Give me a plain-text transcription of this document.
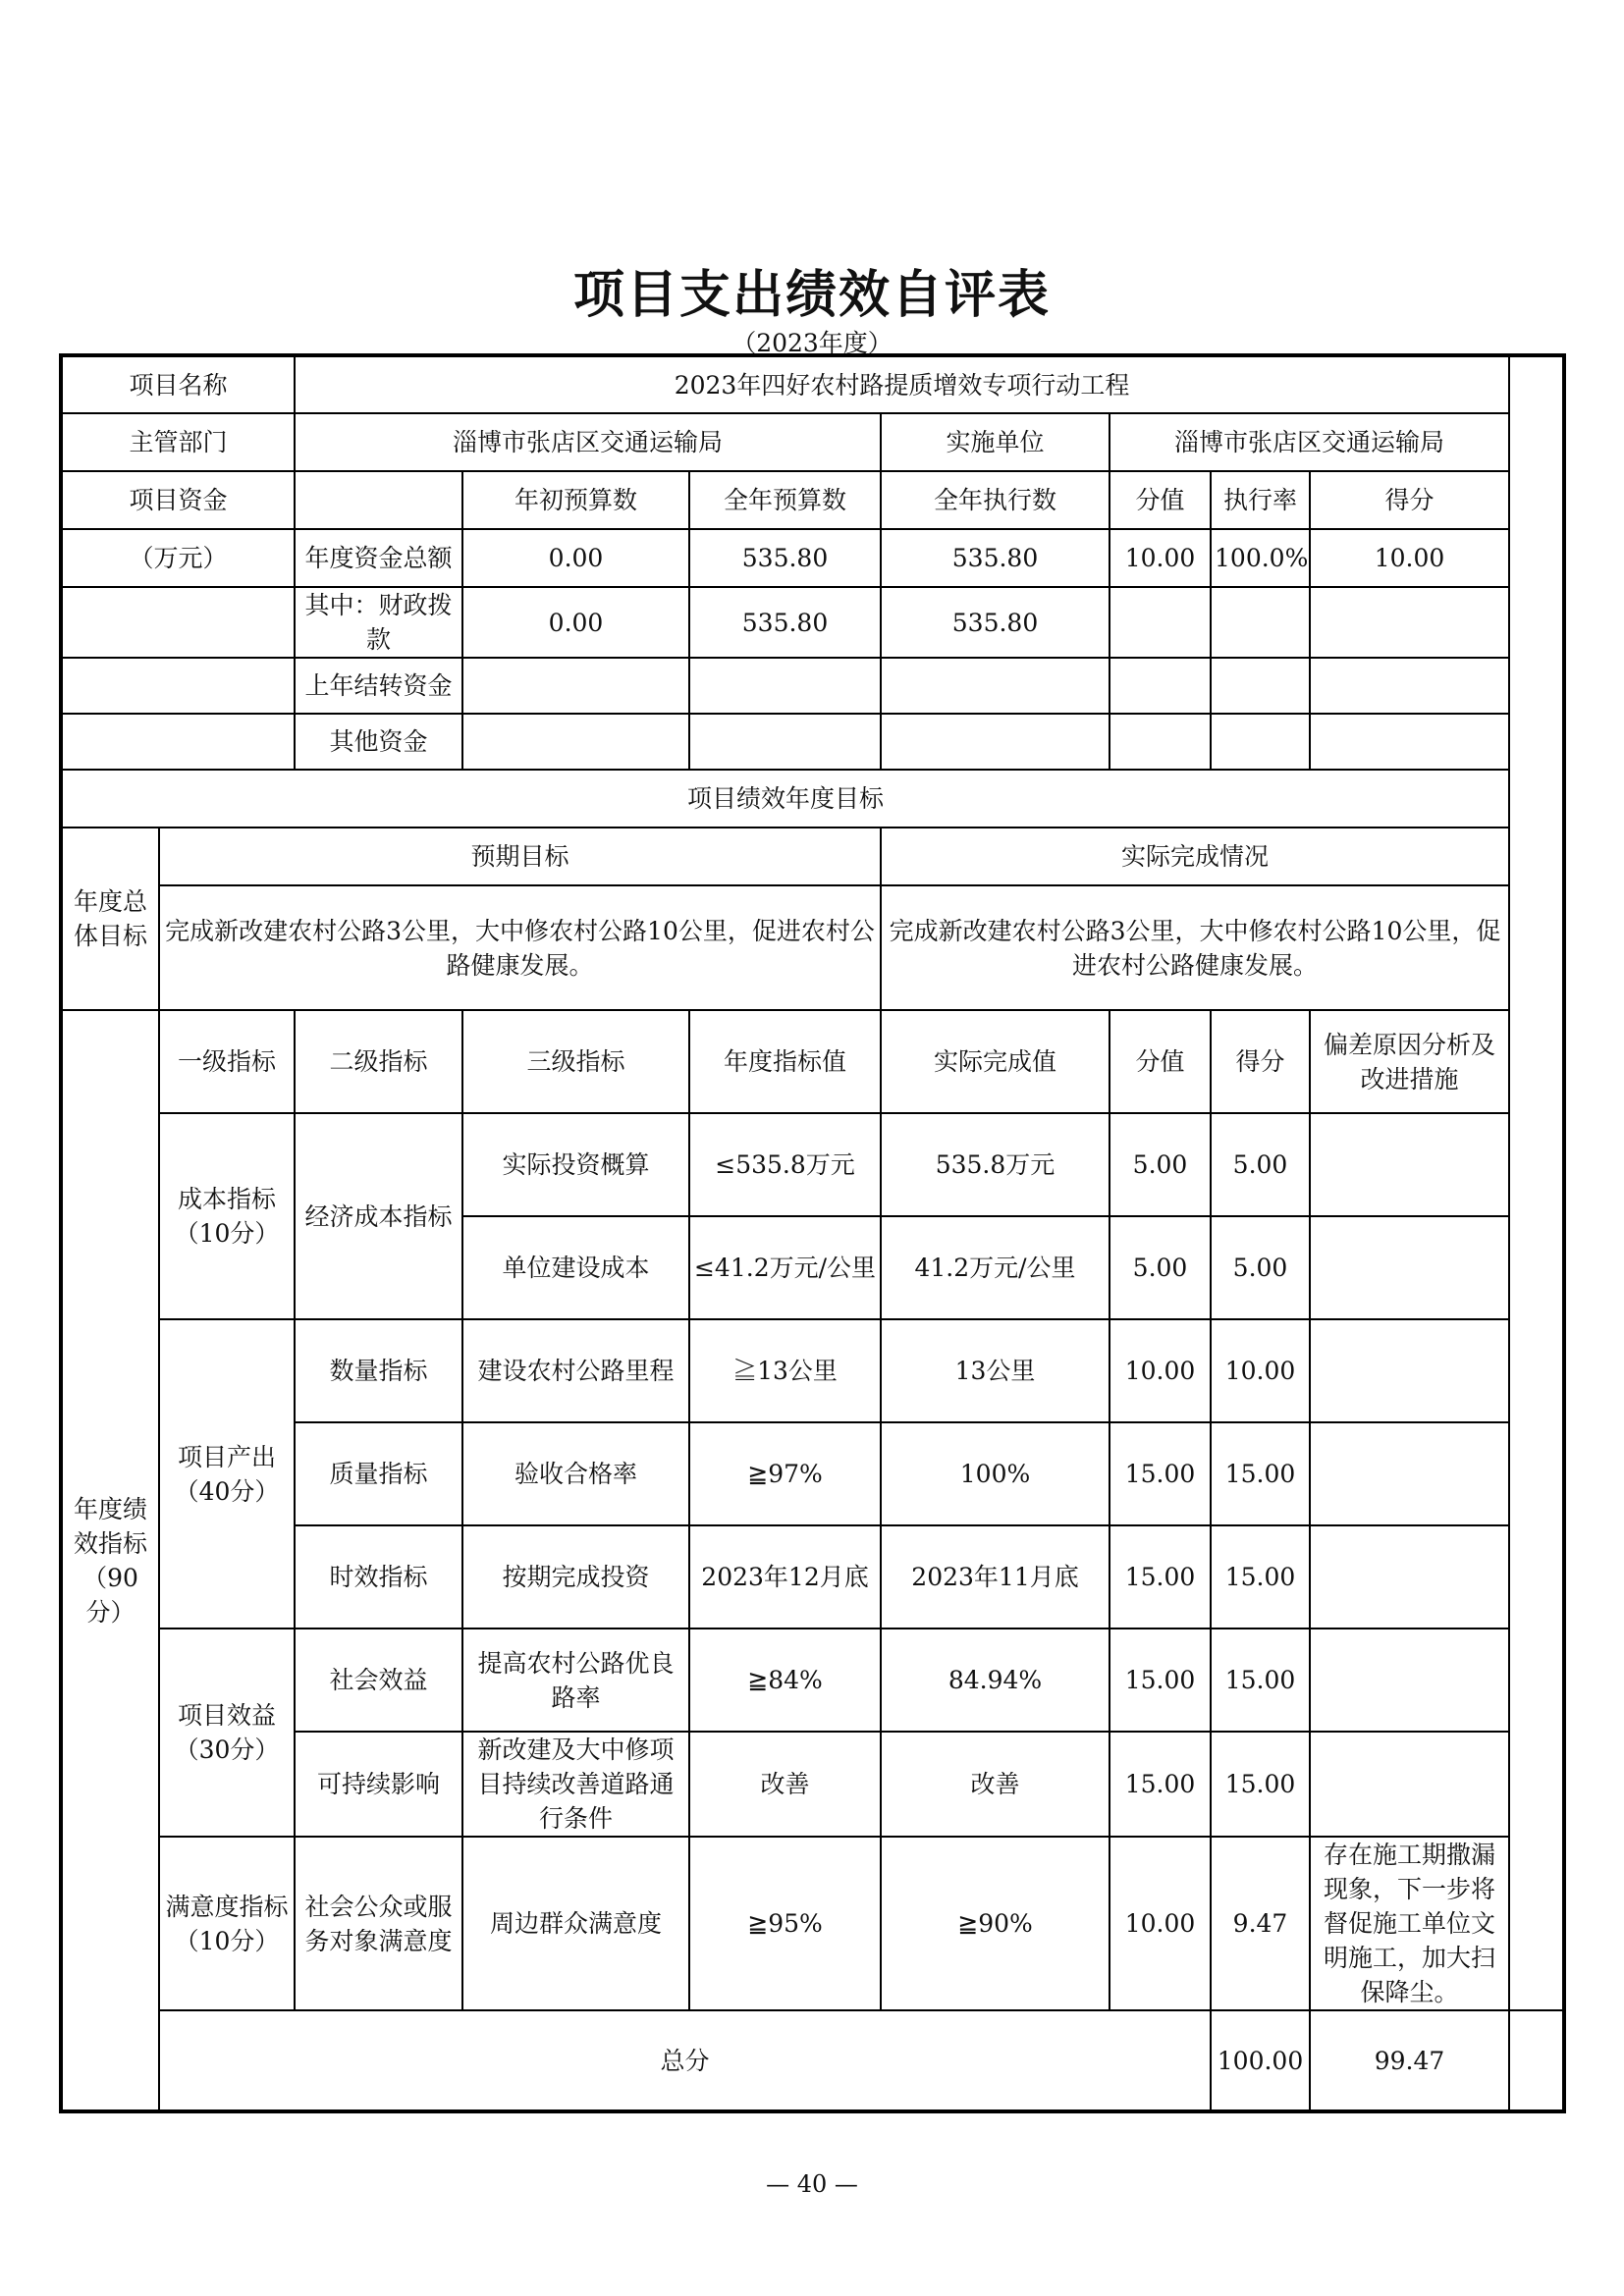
项目支出绩效自评表
（2023年度）
项目名称		2023年四好农村路提质增效专项行动工程							
主管部门		淄博市张店区交通运输局			实施单位	淄博市张店区交通运输局			
项目资金			年初预算数	全年预算数	全年执行数	分值	执行率	得分	
（万元）		年度资金总额	0.00	535.80	535.80	10.00	100.0%	10.00	
		其中：财政拨款	0.00	535.80	535.80				
		上年结转资金							
		其他资金							
项目绩效年度目标									
年度总体目标	预期目标				实际完成情况				
	完成新改建农村公路3公里，大中修农村公路10公里，促进农村公路健康发展。				完成新改建农村公路3公里，大中修农村公路10公里，促进农村公路健康发展。				
年度绩效指标（90分）	一级指标	二级指标	三级指标	年度指标值	实际完成值	分值	得分	偏差原因分析及改进措施	
	成本指标（10分）	经济成本指标	实际投资概算	≤535.8万元	535.8万元	5.00	5.00		
			单位建设成本	≤41.2万元/公里	41.2万元/公里	5.00	5.00		
	项目产出（40分）	数量指标	建设农村公路里程	≧13公里	13公里	10.00	10.00		
		质量指标	验收合格率	≧97%	100%	15.00	15.00		
		时效指标	按期完成投资	2023年12月底	2023年11月底	15.00	15.00		
	项目效益（30分）	社会效益	提高农村公路优良路率	≧84%	84.94%	15.00	15.00		
		可持续影响	新改建及大中修项目持续改善道路通行条件	改善	改善	15.00	15.00		
	满意度指标（10分）	社会公众或服务对象满意度	周边群众满意度	≧95%	≧90%	10.00	9.47	存在施工期撒漏现象，下一步将督促施工单位文明施工，加大扫保降尘。	
	总分						100.00	99.47	
— 40 —
